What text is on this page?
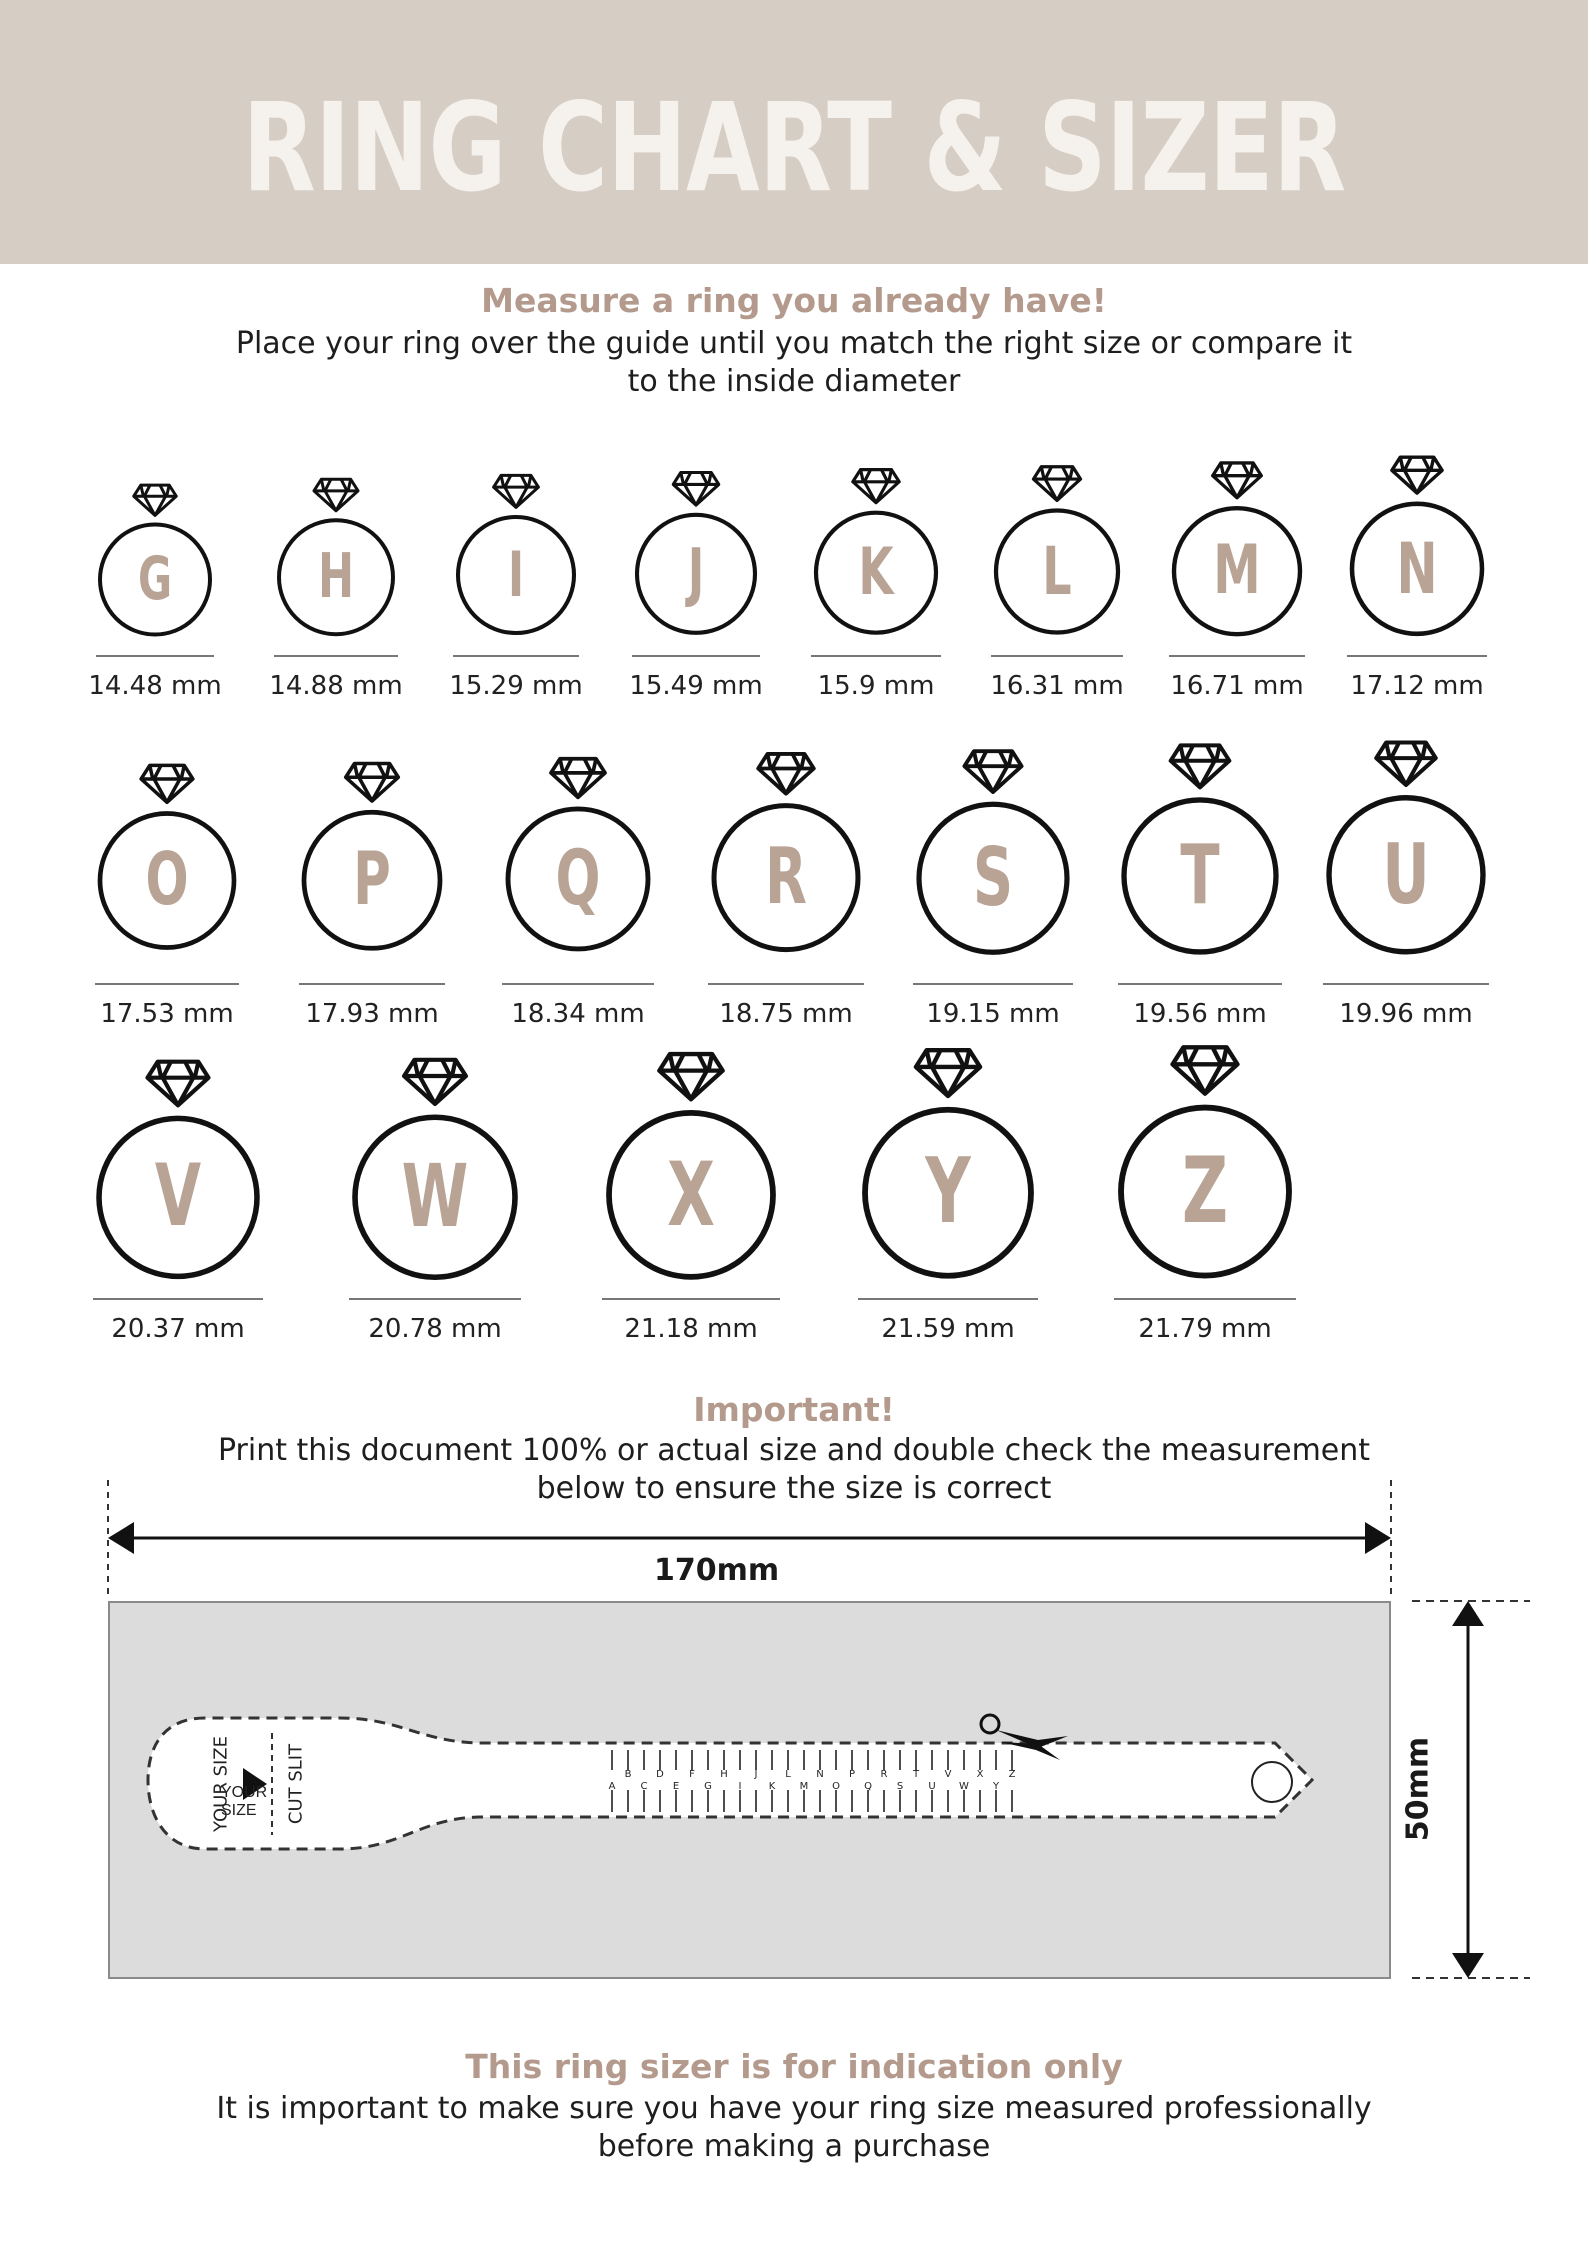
RING CHART & SIZER
Measure a ring you already have!
Place your ring over the guide until you match the right size or compare it
to the inside diameter
G
14.48 mm
H
14.88 mm
I
15.29 mm
J
15.49 mm
K
15.9 mm
L
16.31 mm
M
16.71 mm
N
17.12 mm
O
17.53 mm
P
17.93 mm
Q
18.34 mm
R
18.75 mm
S
19.15 mm
T
19.56 mm
U
19.96 mm
V
20.37 mm
W
20.78 mm
X
21.18 mm
Y
21.59 mm
Z
21.79 mm
Important!
Print this document 100% or actual size and double check the measurement
below to ensure the size is correct
170mm
B D	F	H	J	L	N	P	R	T	V	X	Z
A	C	E G	I	K M O Q S	U W Y
YOUR SIZE	CUT SLIT	50mm
This ring sizer is for indication only
It is important to make sure you have your ring size measured professionally
before making a purchase
